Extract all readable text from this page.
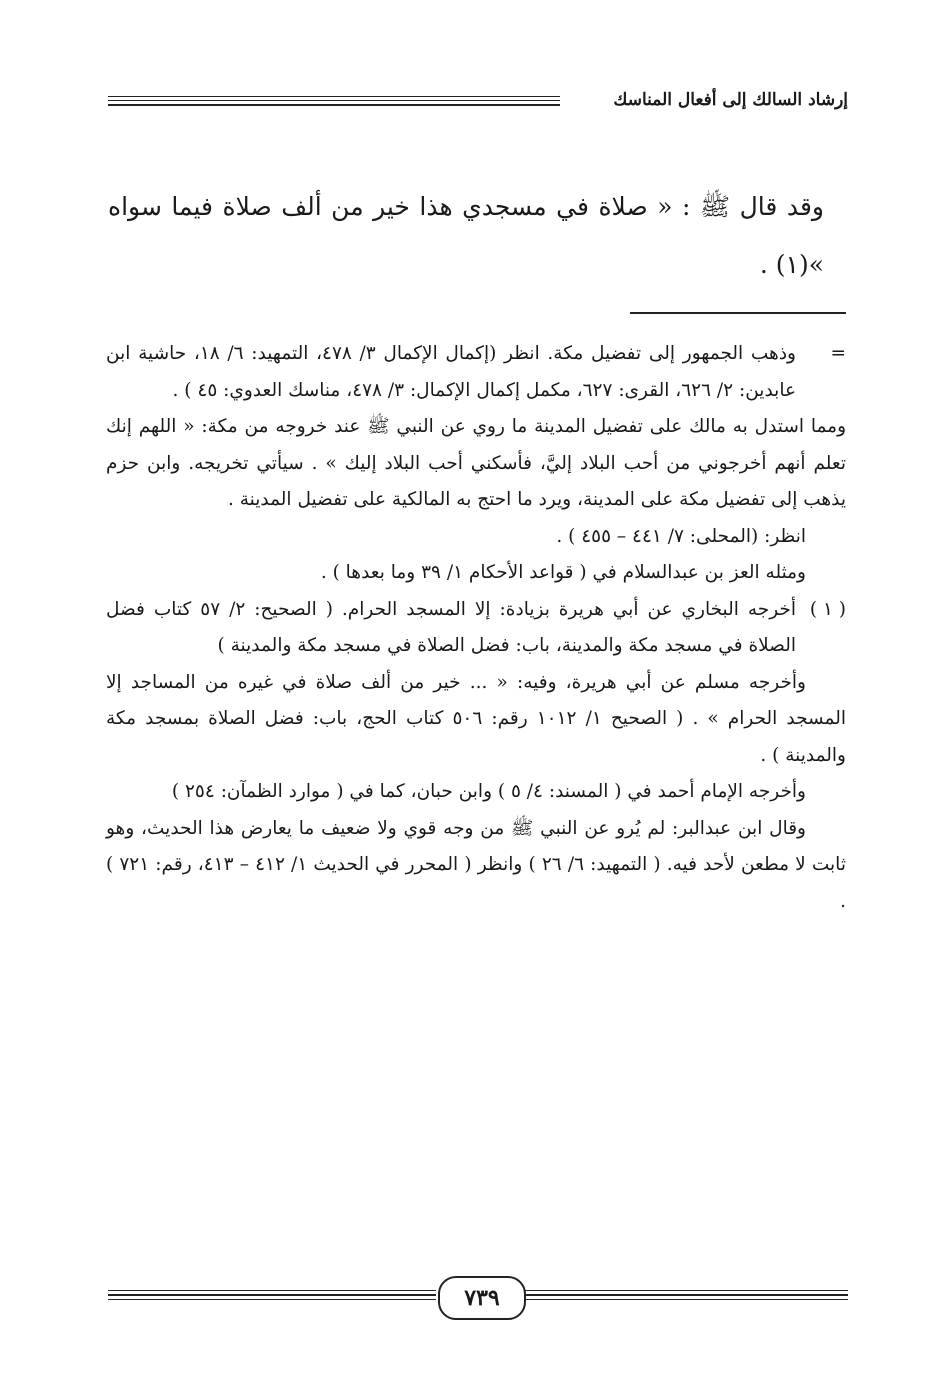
إرشاد السالك إلى أفعال المناسك

وقد قال ﷺ : « صلاة في مسجدي هذا خير من ألف صلاة فيما سواه »(١) .

=
وذهب الجمهور إلى تفضيل مكة. انظر (إكمال الإكمال ٣/ ٤٧٨، التمهيد: ٦/ ١٨، حاشية ابن عابدين: ٢/ ٦٢٦، القرى: ٦٢٧، مكمل إكمال الإكمال: ٣/ ٤٧٨، مناسك العدوي: ٤٥ ) .

ومما استدل به مالك على تفضيل المدينة ما روي عن النبي ﷺ عند خروجه من مكة: « اللهم إنك تعلم أنهم أخرجوني من أحب البلاد إليَّ، فأسكني أحب البلاد إليك » . سيأتي تخريجه. وابن حزم يذهب إلى تفضيل مكة على المدينة، ويرد ما احتج به المالكية على تفضيل المدينة .

انظر: (المحلى: ٧/ ٤٤١ – ٤٥٥ ) .

ومثله العز بن عبدالسلام في ( قواعد الأحكام ١/ ٣٩ وما بعدها ) .

( ١ )
أخرجه البخاري عن أبي هريرة بزيادة: إلا المسجد الحرام. ( الصحيح: ٢/ ٥٧ كتاب فضل الصلاة في مسجد مكة والمدينة، باب: فضل الصلاة في مسجد مكة والمدينة )

وأخرجه مسلم عن أبي هريرة، وفيه: « ... خير من ألف صلاة في غيره من المساجد إلا المسجد الحرام » . ( الصحيح ١/ ١٠١٢ رقم: ٥٠٦ كتاب الحج، باب: فضل الصلاة بمسجد مكة والمدينة ) .

وأخرجه الإمام أحمد في ( المسند: ٤/ ٥ ) وابن حبان، كما في ( موارد الظمآن: ٢٥٤ )

وقال ابن عبدالبر: لم يُرو عن النبي ﷺ من وجه قوي ولا ضعيف ما يعارض هذا الحديث، وهو ثابت لا مطعن لأحد فيه. ( التمهيد: ٦/ ٢٦ ) وانظر ( المحرر في الحديث ١/ ٤١٢ – ٤١٣، رقم: ٧٢١ ) .

٧٣٩
